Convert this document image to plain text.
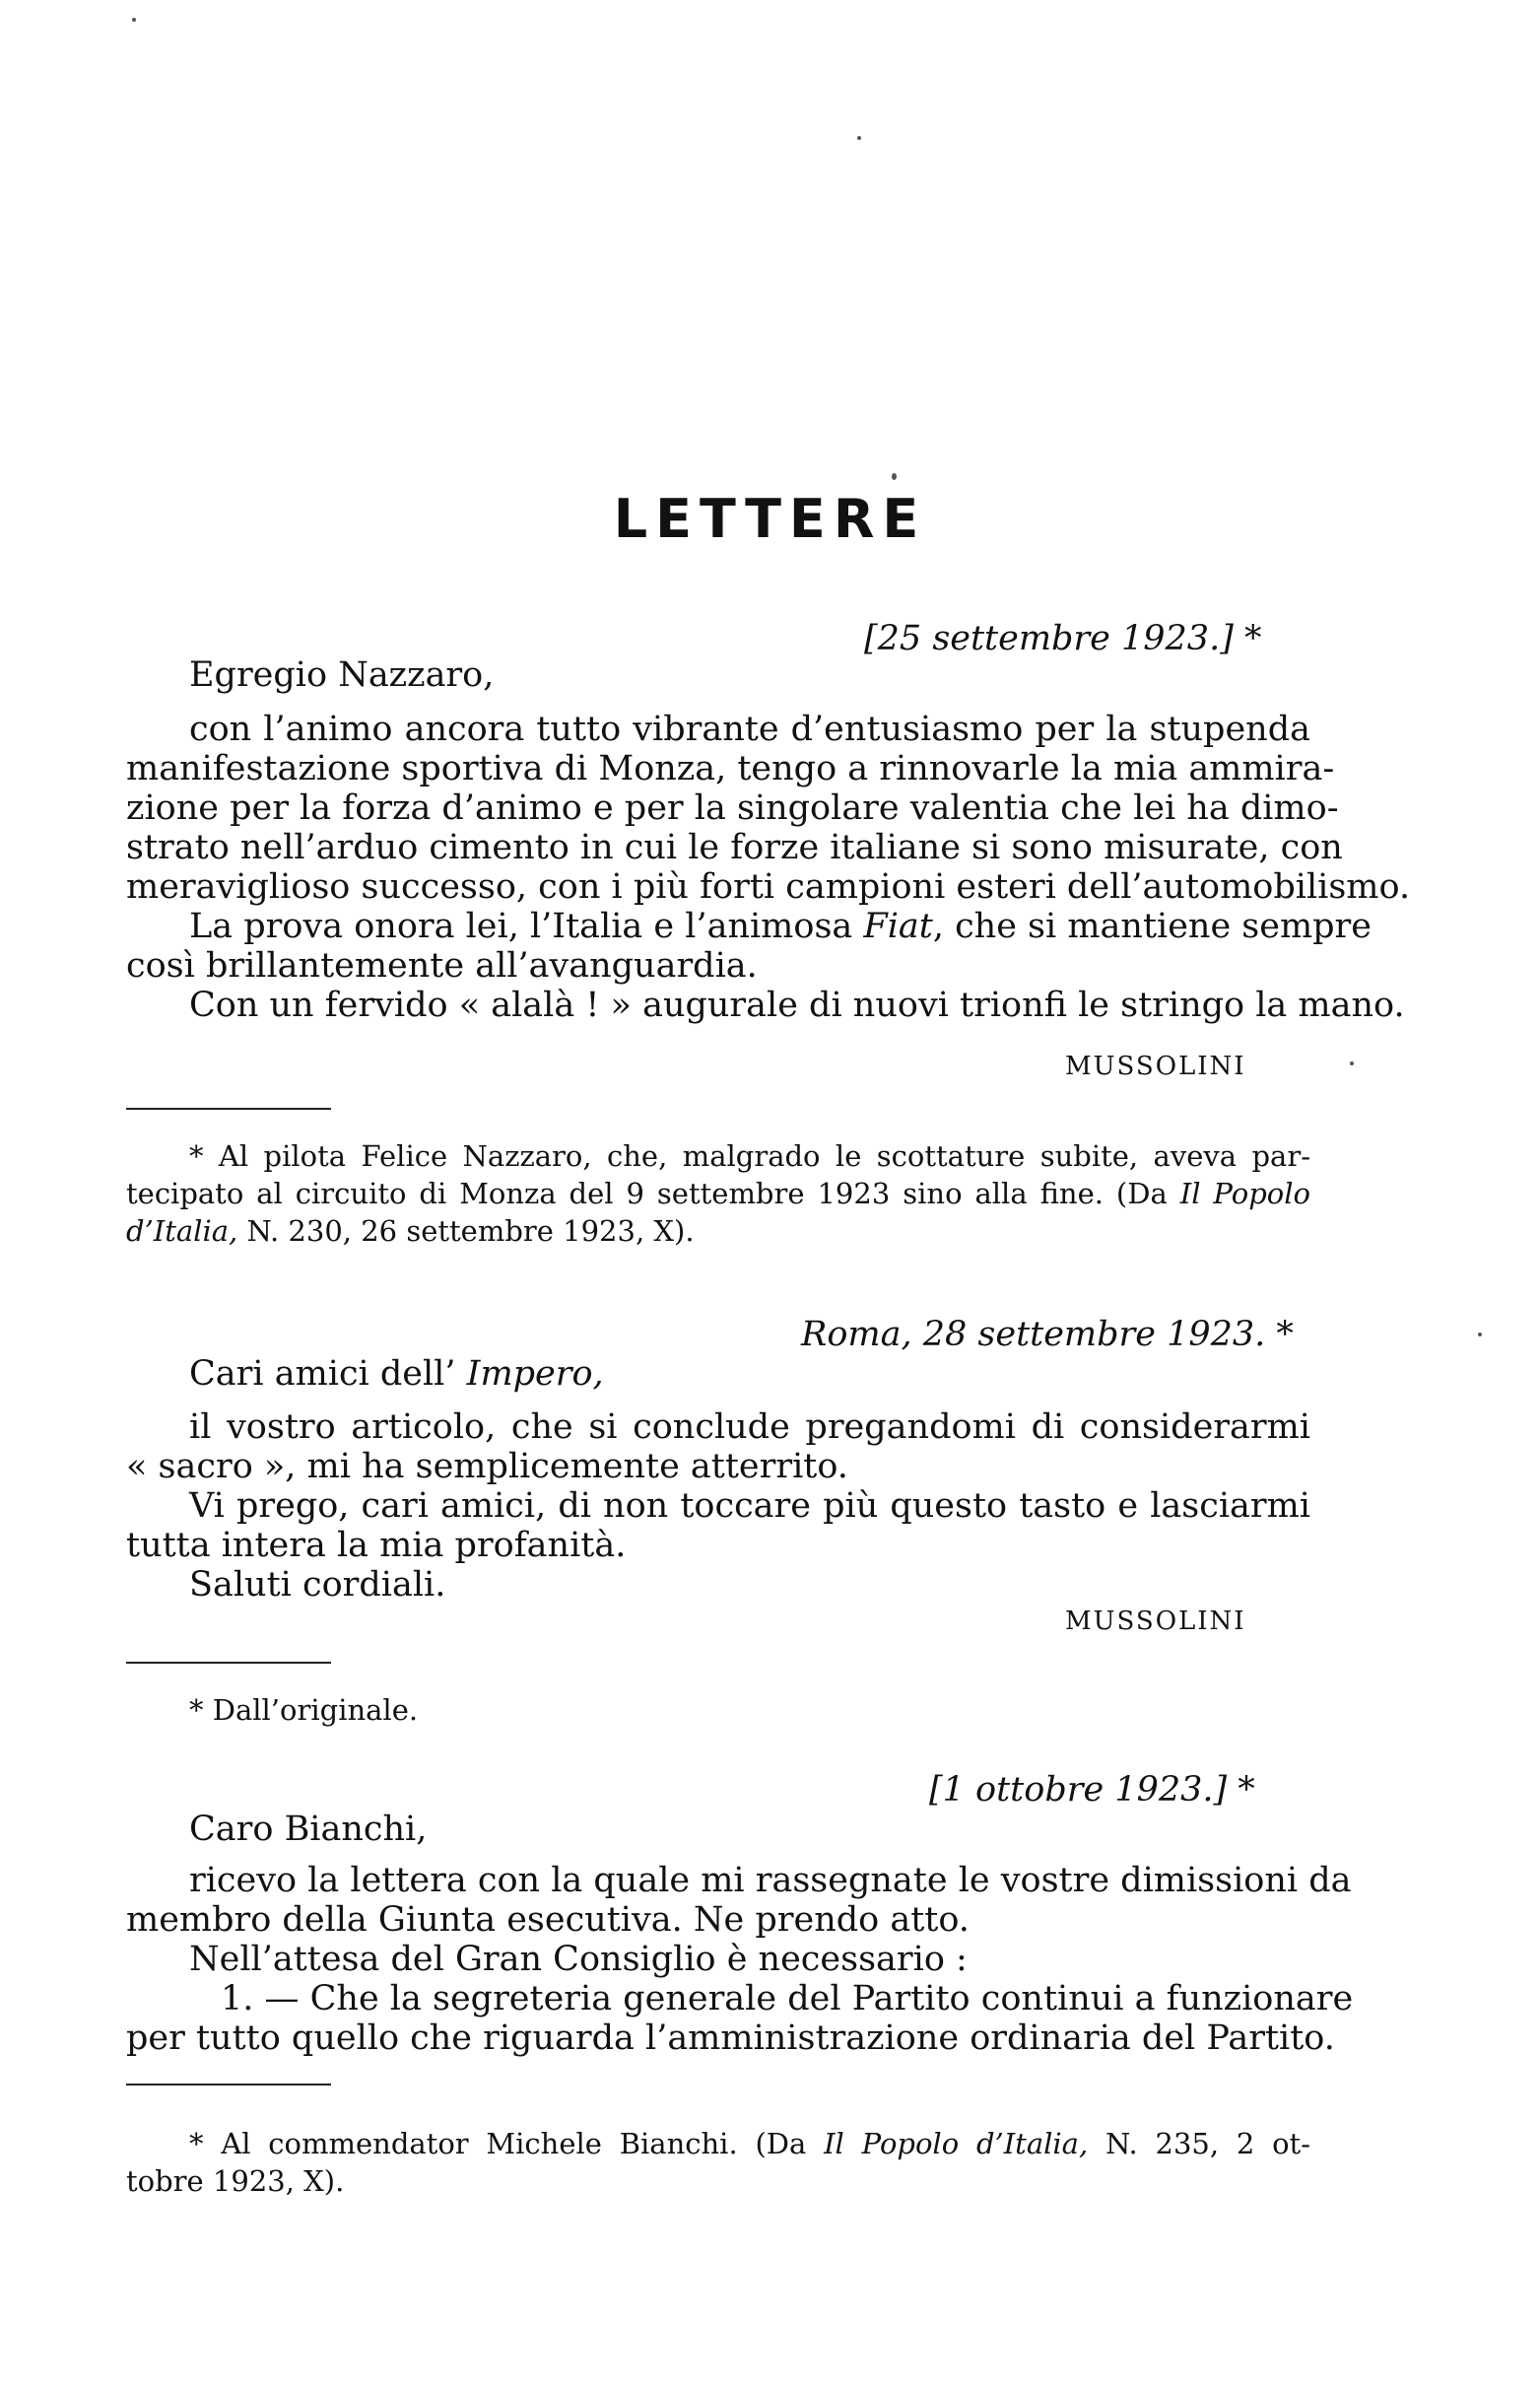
LETTERE
[25 settembre 1923.] *
Egregio Nazzaro,
con l’animo ancora tutto vibrante d’entusiasmo per la stupenda
manifestazione sportiva di Monza, tengo a rinnovarle la mia ammira-
zione per la forza d’animo e per la singolare valentia che lei ha dimo-
strato nell’arduo cimento in cui le forze italiane si sono misurate, con
meraviglioso successo, con i più forti campioni esteri dell’automobilismo.
La prova onora lei, l’Italia e l’animosa Fiat, che si mantiene sempre
così brillantemente all’avanguardia.
Con un fervido « alalà ! » augurale di nuovi trionfi le stringo la mano.
MUSSOLINI
* Al pilota Felice Nazzaro, che, malgrado le scottature subite, aveva par-
tecipato al circuito di Monza del 9 settembre 1923 sino alla fine. (Da Il Popolo
d’Italia, N. 230, 26 settembre 1923, X).
Roma, 28 settembre 1923. *
Cari amici dell’ Impero,
il vostro articolo, che si conclude pregandomi di considerarmi
« sacro », mi ha semplicemente atterrito.
Vi prego, cari amici, di non toccare più questo tasto e lasciarmi
tutta intera la mia profanità.
Saluti cordiali.
MUSSOLINI
* Dall’originale.
[1 ottobre 1923.] *
Caro Bianchi,
ricevo la lettera con la quale mi rassegnate le vostre dimissioni da
membro della Giunta esecutiva. Ne prendo atto.
Nell’attesa del Gran Consiglio è necessario :
1. — Che la segreteria generale del Partito continui a funzionare
per tutto quello che riguarda l’amministrazione ordinaria del Partito.
* Al commendator Michele Bianchi. (Da Il Popolo d’Italia, N. 235, 2 ot-
tobre 1923, X).
